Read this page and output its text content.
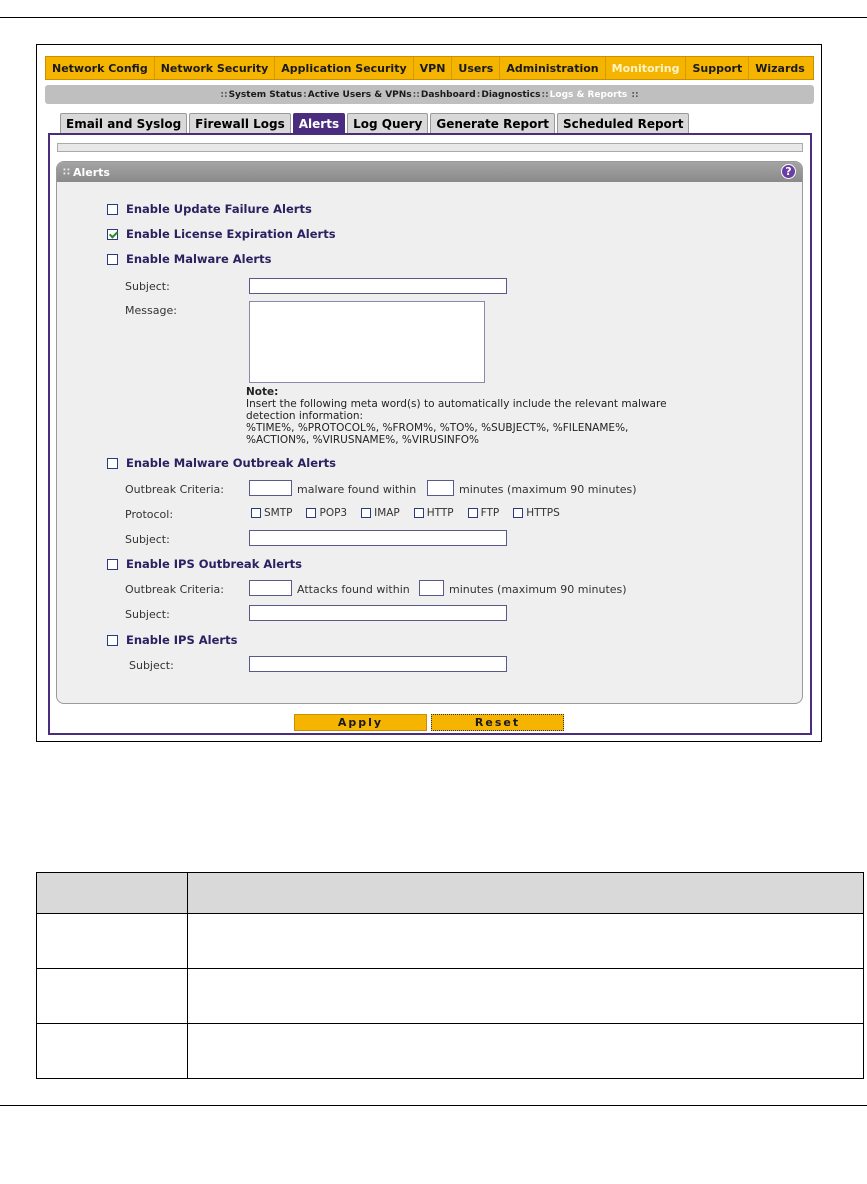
Network Config	Network Security	Application Security	VPN	Users	Administration	Monitoring	Support	Wizards
:: System Status : Active Users & VPNs :: Dashboard : Diagnostics :: Logs & Reports ::
Email and Syslog	Firewall Logs	Alerts	Log Query	Generate Report	Scheduled Report
∷ Alerts	?
Enable Update Failure Alerts
Enable License Expiration Alerts
Enable Malware Alerts
Subject:
Message:
Note:
Insert the following meta word(s) to automatically include the relevant malware
detection information:
%TIME%, %PROTOCOL%, %FROM%, %TO%, %SUBJECT%, %FILENAME%,
%ACTION%, %VIRUSNAME%, %VIRUSINFO%
Enable Malware Outbreak Alerts
Outbreak Criteria:	malware found within	minutes (maximum 90 minutes)
Protocol:	SMTP	POP3	IMAP	HTTP	FTP	HTTPS
Subject:
Enable IPS Outbreak Alerts
Outbreak Criteria:	Attacks found within	minutes (maximum 90 minutes)
Subject:
Enable IPS Alerts
Subject:
Apply	Reset
